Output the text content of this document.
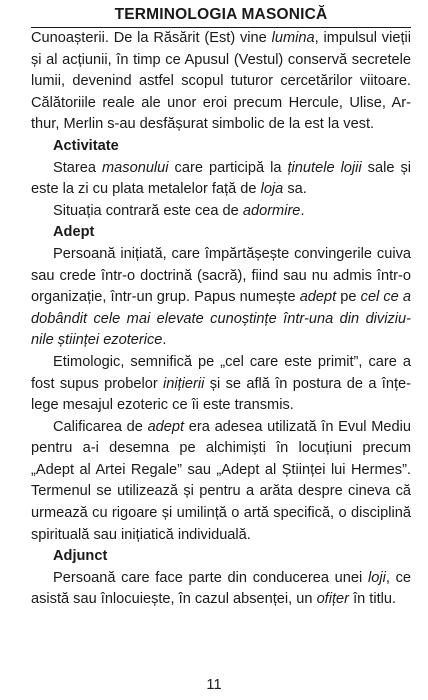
TERMINOLOGIA MASONICĂ

Cunoașterii. De la Răsărit (Est) vine lumina, impulsul vieții și al acțiunii, în timp ce Apusul (Vestul) conservă secretele lumii, devenind astfel scopul tuturor cercetărilor viitoare. Călătoriile reale ale unor eroi precum Hercule, Ulise, Arthur, Merlin s-au desfășurat simbolic de la est la vest.

Activitate

Starea masonului care participă la ținutele lojii sale și este la zi cu plata metalelor față de loja sa.

Situația contrară este cea de adormire.

Adept

Persoană inițiată, care împărtășește convingerile cuiva sau crede într-o doctrină (sacră), fiind sau nu admis într-o organizație, într-un grup. Papus numește adept pe cel ce a dobândit cele mai elevate cunoștințe într-una din diviziunile științei ezoterice.

Etimologic, semnifică pe „cel care este primit”, care a fost supus probelor inițierii și se află în postura de a înțelege mesajul ezoteric ce îi este transmis.

Calificarea de adept era adesea utilizată în Evul Mediu pentru a-i desemna pe alchimiști în locuțiuni precum „Adept al Artei Regale” sau „Adept al Științei lui Hermes”. Termenul se utilizează și pentru a arăta despre cineva că urmează cu rigoare și umilință o artă specifică, o disciplină spirituală sau inițiatică individuală.

Adjunct

Persoană care face parte din conducerea unei loji, ce asistă sau înlocuiește, în cazul absenței, un ofițer în titlu.

11
